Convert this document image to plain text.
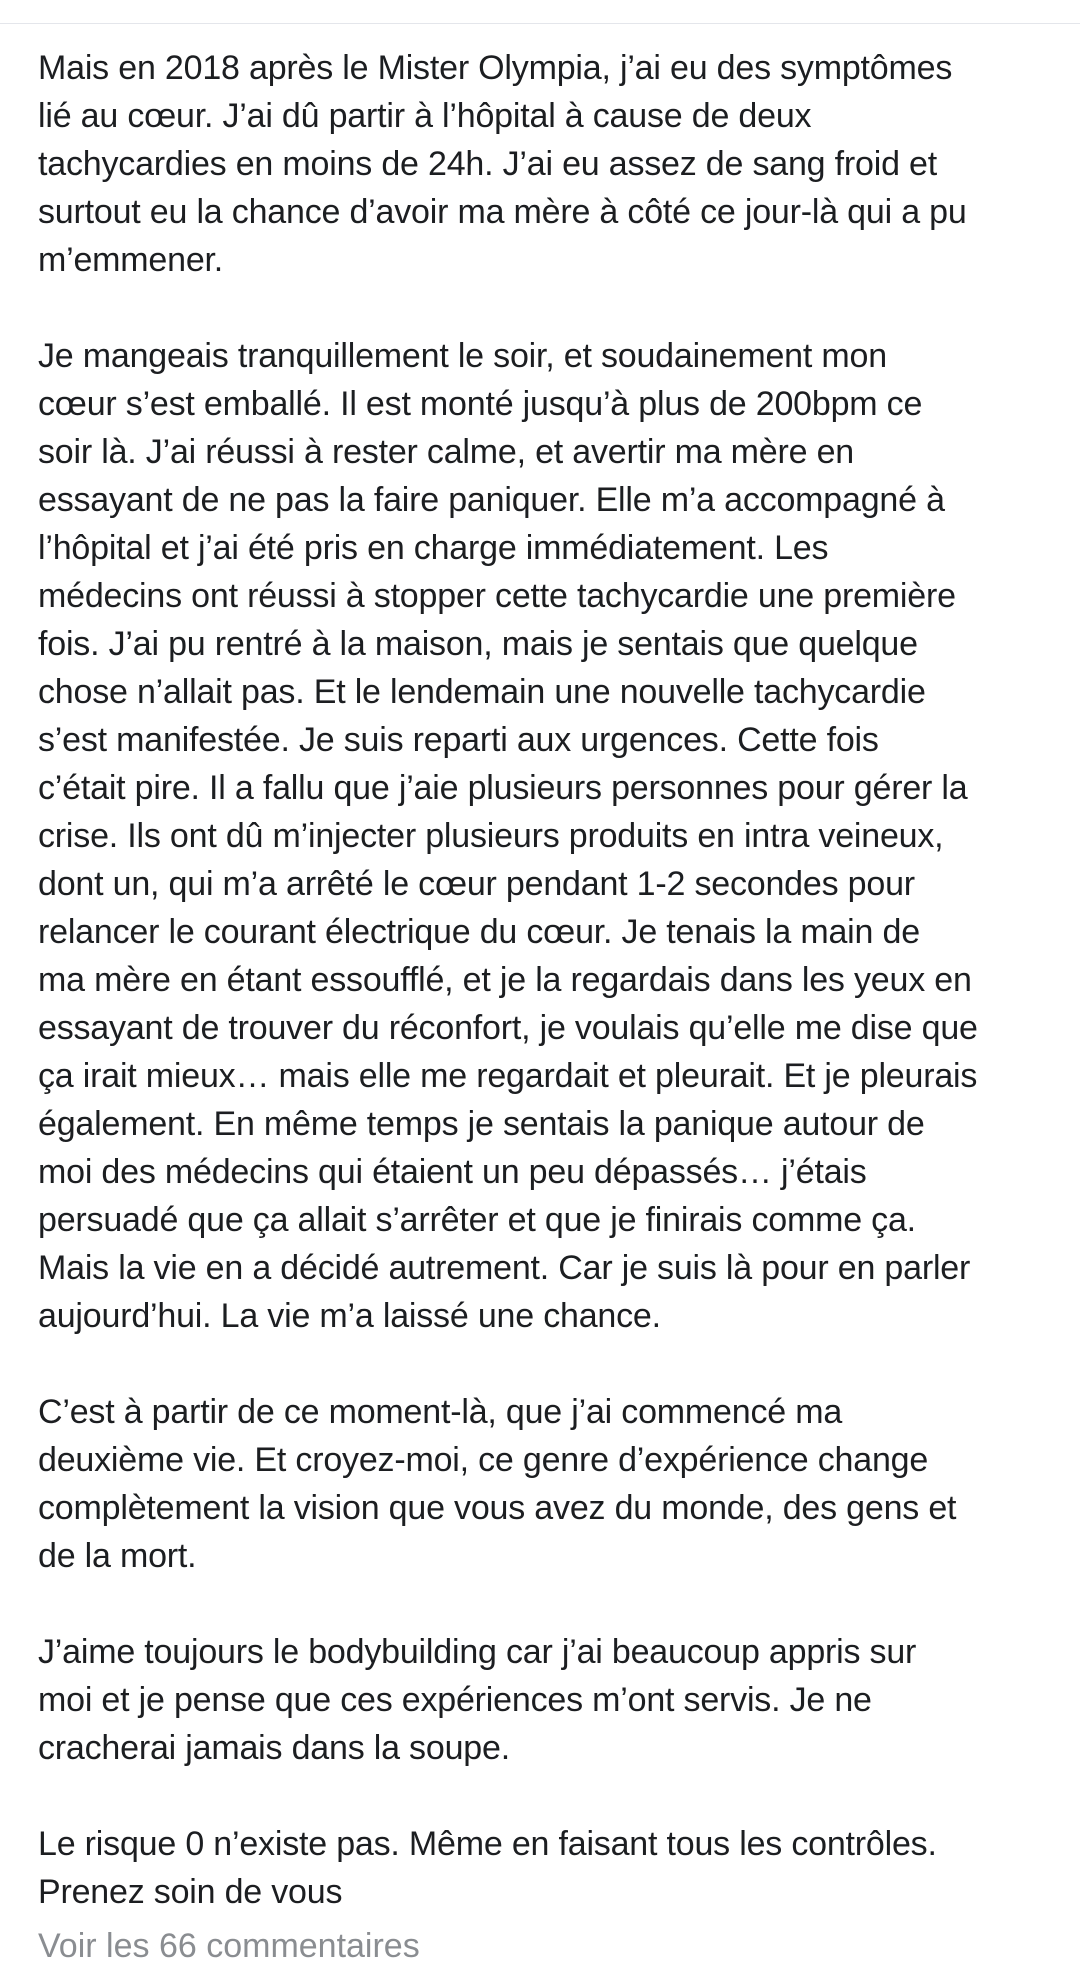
Mais en 2018 après le Mister Olympia, j’ai eu des symptômes
lié au cœur. J’ai dû partir à l’hôpital à cause de deux
tachycardies en moins de 24h. J’ai eu assez de sang froid et
surtout eu la chance d’avoir ma mère à côté ce jour-là qui a pu
m’emmener.

Je mangeais tranquillement le soir, et soudainement mon
cœur s’est emballé. Il est monté jusqu’à plus de 200bpm ce
soir là. J’ai réussi à rester calme, et avertir ma mère en
essayant de ne pas la faire paniquer. Elle m’a accompagné à
l’hôpital et j’ai été pris en charge immédiatement. Les
médecins ont réussi à stopper cette tachycardie une première
fois. J’ai pu rentré à la maison, mais je sentais que quelque
chose n’allait pas. Et le lendemain une nouvelle tachycardie
s’est manifestée. Je suis reparti aux urgences. Cette fois
c’était pire. Il a fallu que j’aie plusieurs personnes pour gérer la
crise. Ils ont dû m’injecter plusieurs produits en intra veineux,
dont un, qui m’a arrêté le cœur pendant 1-2 secondes pour
relancer le courant électrique du cœur. Je tenais la main de
ma mère en étant essoufflé, et je la regardais dans les yeux en
essayant de trouver du réconfort, je voulais qu’elle me dise que
ça irait mieux… mais elle me regardait et pleurait. Et je pleurais
également. En même temps je sentais la panique autour de
moi des médecins qui étaient un peu dépassés… j’étais
persuadé que ça allait s’arrêter et que je finirais comme ça.
Mais la vie en a décidé autrement. Car je suis là pour en parler
aujourd’hui. La vie m’a laissé une chance.

C’est à partir de ce moment-là, que j’ai commencé ma
deuxième vie. Et croyez-moi, ce genre d’expérience change
complètement la vision que vous avez du monde, des gens et
de la mort.

J’aime toujours le bodybuilding car j’ai beaucoup appris sur
moi et je pense que ces expériences m’ont servis. Je ne
cracherai jamais dans la soupe.

Le risque 0 n’existe pas. Même en faisant tous les contrôles.
Prenez soin de vous

Voir les 66 commentaires
